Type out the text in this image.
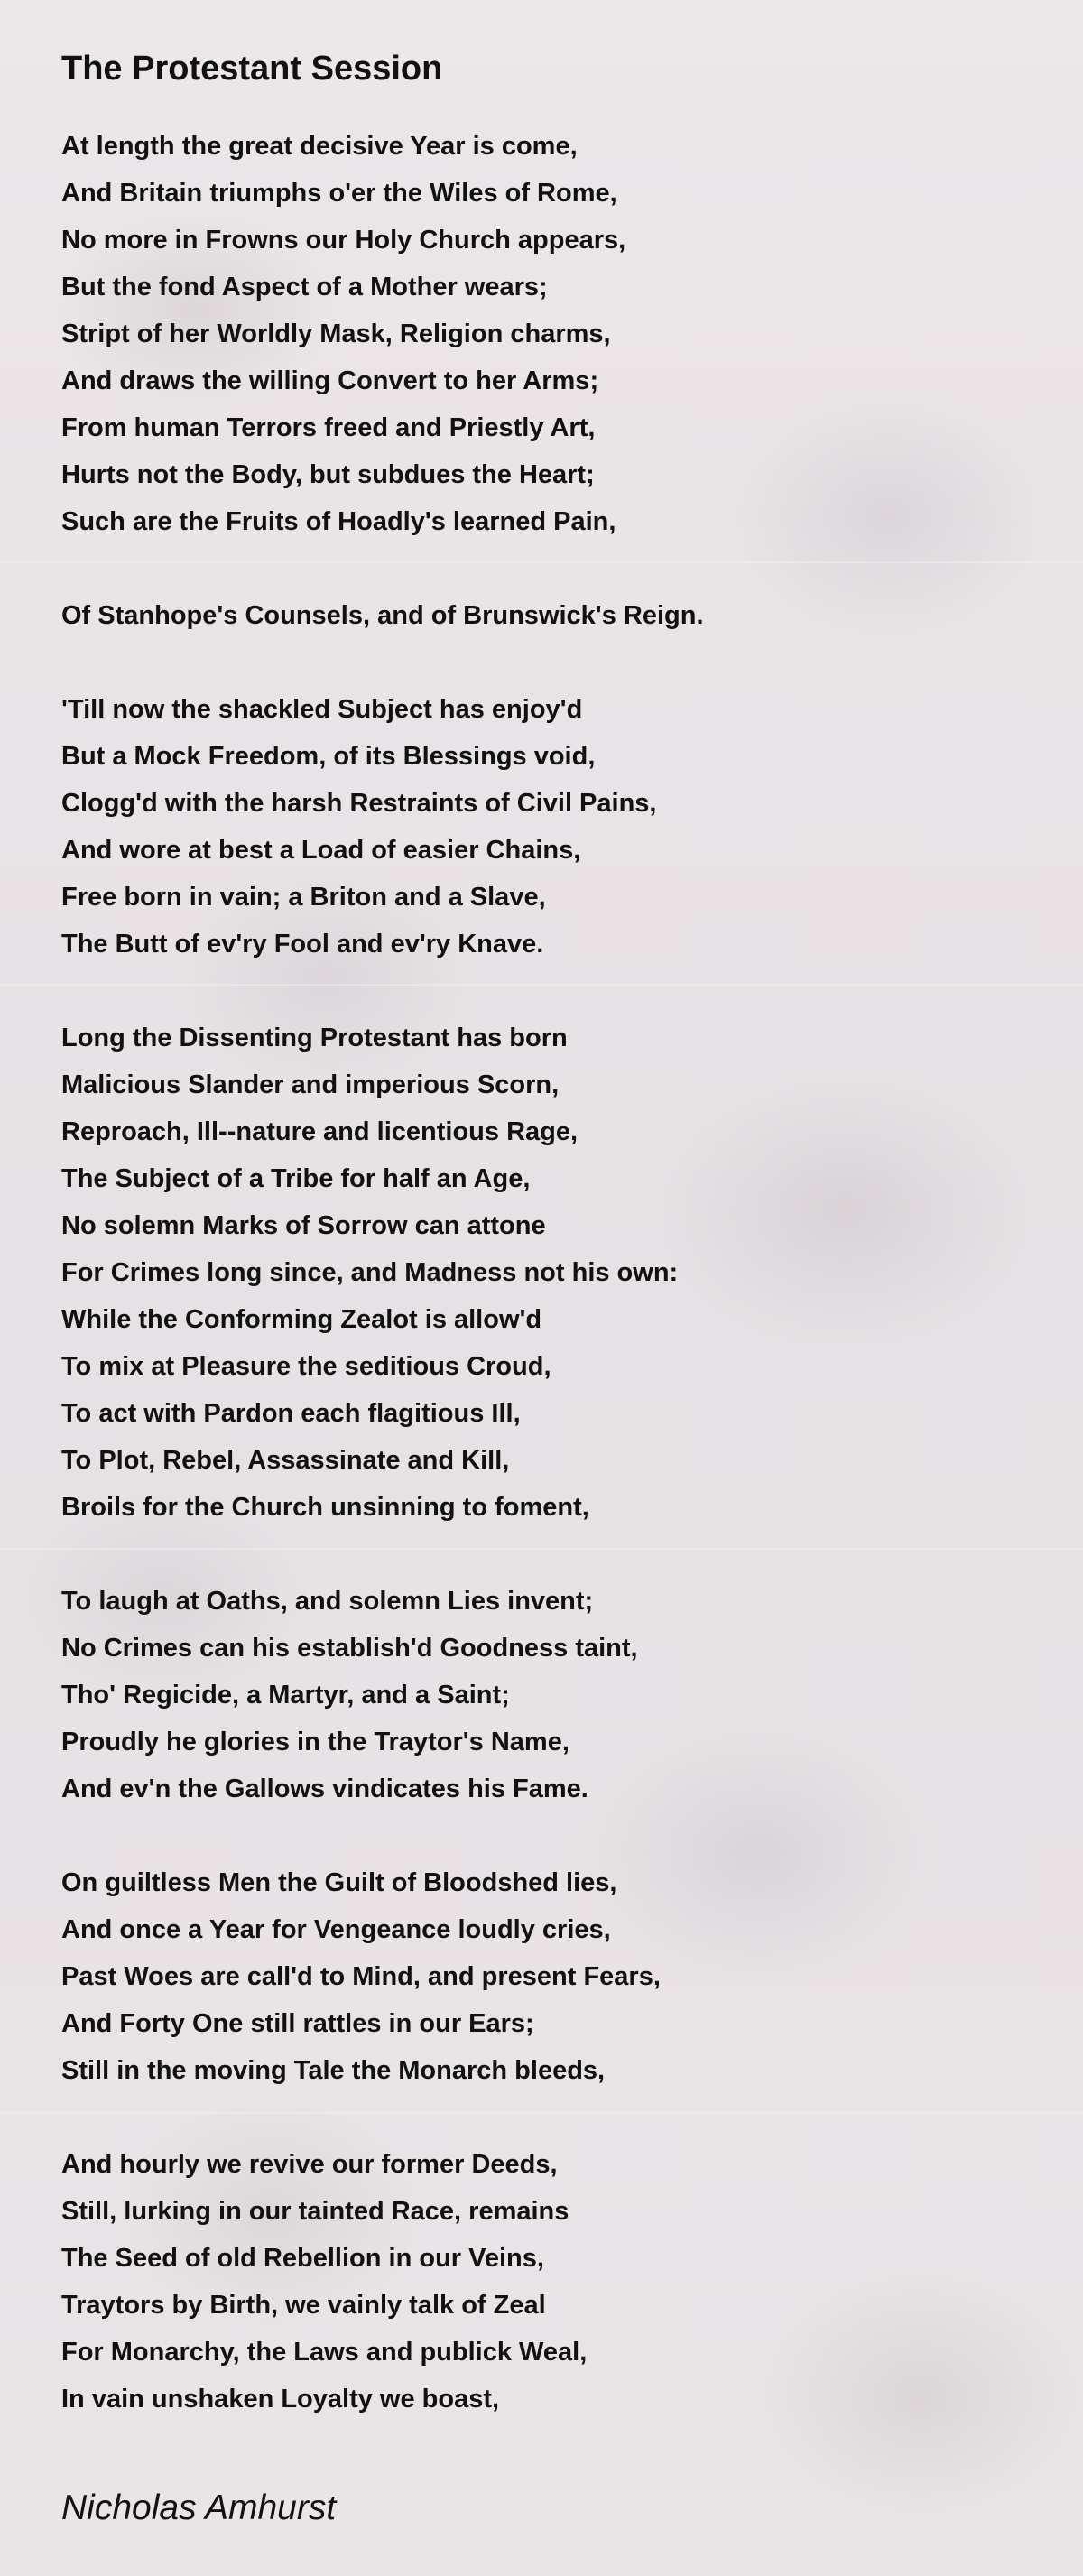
The Protestant Session
At length the great decisive Year is come,
And Britain triumphs o'er the Wiles of Rome,
No more in Frowns our Holy Church appears,
But the fond Aspect of a Mother wears;
Stript of her Worldly Mask, Religion charms,
And draws the willing Convert to her Arms;
From human Terrors freed and Priestly Art,
Hurts not the Body, but subdues the Heart;
Such are the Fruits of Hoadly's learned Pain,
Of Stanhope's Counsels, and of Brunswick's Reign.
'Till now the shackled Subject has enjoy'd
But a Mock Freedom, of its Blessings void,
Clogg'd with the harsh Restraints of Civil Pains,
And wore at best a Load of easier Chains,
Free born in vain; a Briton and a Slave,
The Butt of ev'ry Fool and ev'ry Knave.
Long the Dissenting Protestant has born
Malicious Slander and imperious Scorn,
Reproach, Ill--nature and licentious Rage,
The Subject of a Tribe for half an Age,
No solemn Marks of Sorrow can attone
For Crimes long since, and Madness not his own:
While the Conforming Zealot is allow'd
To mix at Pleasure the seditious Croud,
To act with Pardon each flagitious Ill,
To Plot, Rebel, Assassinate and Kill,
Broils for the Church unsinning to foment,
To laugh at Oaths, and solemn Lies invent;
No Crimes can his establish'd Goodness taint,
Tho' Regicide, a Martyr, and a Saint;
Proudly he glories in the Traytor's Name,
And ev'n the Gallows vindicates his Fame.
On guiltless Men the Guilt of Bloodshed lies,
And once a Year for Vengeance loudly cries,
Past Woes are call'd to Mind, and present Fears,
And Forty One still rattles in our Ears;
Still in the moving Tale the Monarch bleeds,
And hourly we revive our former Deeds,
Still, lurking in our tainted Race, remains
The Seed of old Rebellion in our Veins,
Traytors by Birth, we vainly talk of Zeal
For Monarchy, the Laws and publick Weal,
In vain unshaken Loyalty we boast,
Nicholas Amhurst
